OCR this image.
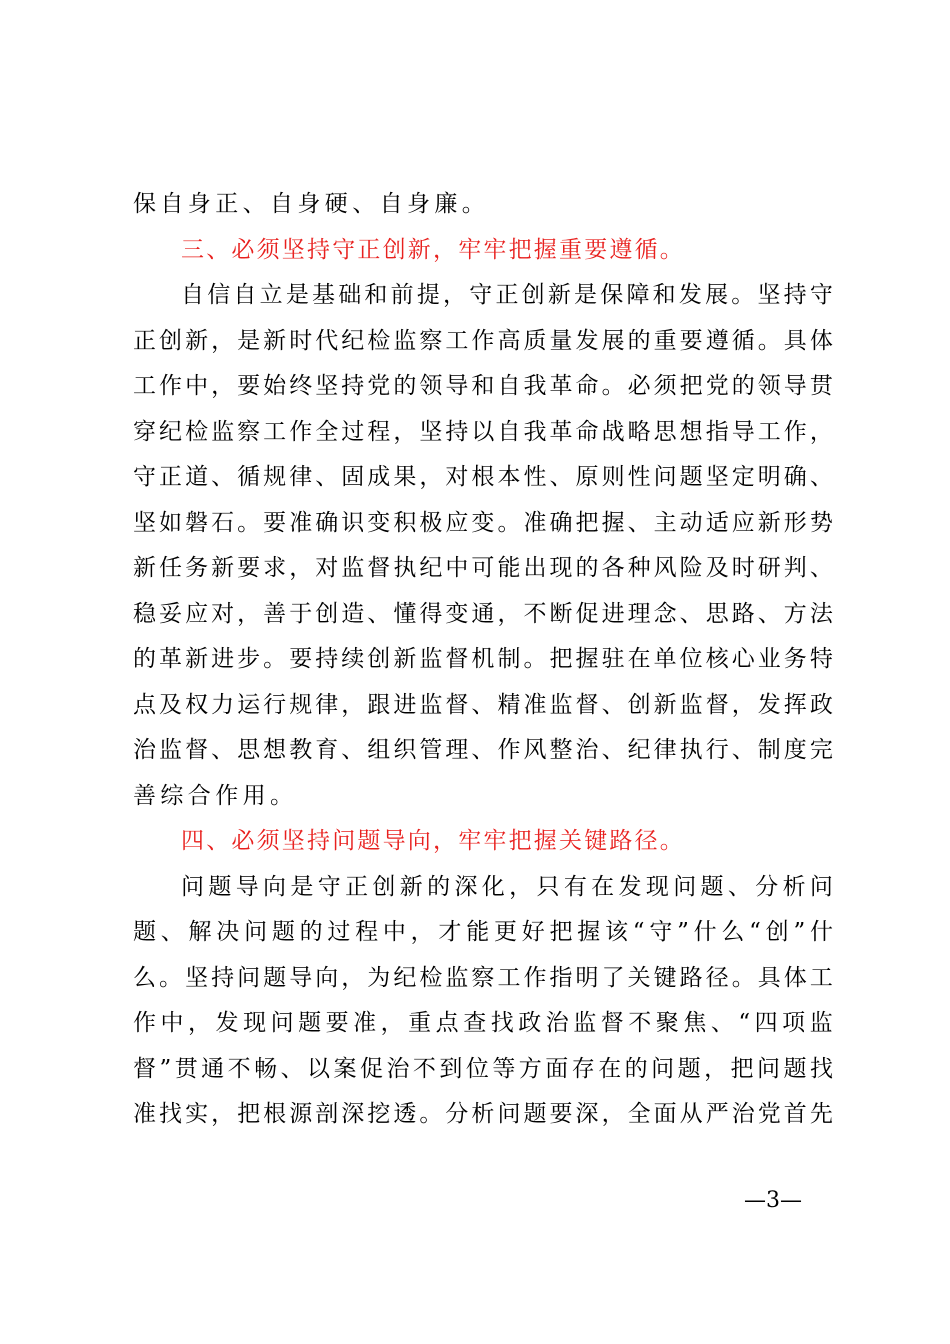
保自身正、自身硬、自身廉。
三、必须坚持守正创新，牢牢把握重要遵循。
自 信 自 立 是 基 础 和 前 提 ， 守 正 创 新 是 保 障 和 发 展 。 坚 持 守
正 创 新 ， 是 新 时 代 纪 检 监 察 工 作 高 质 量 发 展 的 重 要 遵 循 。 具 体
工 作 中 ， 要 始 终 坚 持 党 的 领 导 和 自 我 革 命 。 必 须 把 党 的 领 导 贯
穿 纪 检 监 察 工 作 全 过 程 ， 坚 持 以 自 我 革 命 战 略 思 想 指 导 工 作 ，
守 正 道 、 循 规 律 、 固 成 果 ， 对 根 本 性 、 原 则 性 问 题 坚 定 明 确 、
坚 如 磐 石 。 要 准 确 识 变 积 极 应 变 。 准 确 把 握 、 主 动 适 应 新 形 势
新 任 务 新 要 求 ， 对 监 督 执 纪 中 可 能 出 现 的 各 种 风 险 及 时 研 判 、
稳 妥 应 对 ， 善 于 创 造 、 懂 得 变 通 ， 不 断 促 进 理 念 、 思 路 、 方 法
的 革 新 进 步 。 要 持 续 创 新 监 督 机 制 。 把 握 驻 在 单 位 核 心 业 务 特
点 及 权 力 运 行 规 律 ， 跟 进 监 督 、 精 准 监 督 、 创 新 监 督 ， 发 挥 政
治 监 督 、 思 想 教 育 、 组 织 管 理 、 作 风 整 治 、 纪 律 执 行 、 制 度 完
善综合作用。
四、必须坚持问题导向，牢牢把握关键路径。
问 题 导 向 是 守 正 创 新 的 深 化 ， 只 有 在 发 现 问 题 、 分 析 问
题 、 解 决 问 题 的 过 程 中 ， 才 能 更 好 把 握 该 “ 守 ” 什 么 “ 创 ” 什
么 。 坚 持 问 题 导 向 ， 为 纪 检 监 察 工 作 指 明 了 关 键 路 径 。 具 体 工
作 中 ， 发 现 问 题 要 准 ， 重 点 查 找 政 治 监 督 不 聚 焦 、 “ 四 项 监
督 ” 贯 通 不 畅 、 以 案 促 治 不 到 位 等 方 面 存 在 的 问 题 ， 把 问 题 找
准 找 实 ， 把 根 源 剖 深 挖 透 。 分 析 问 题 要 深 ， 全 面 从 严 治 党 首 先
—3—
